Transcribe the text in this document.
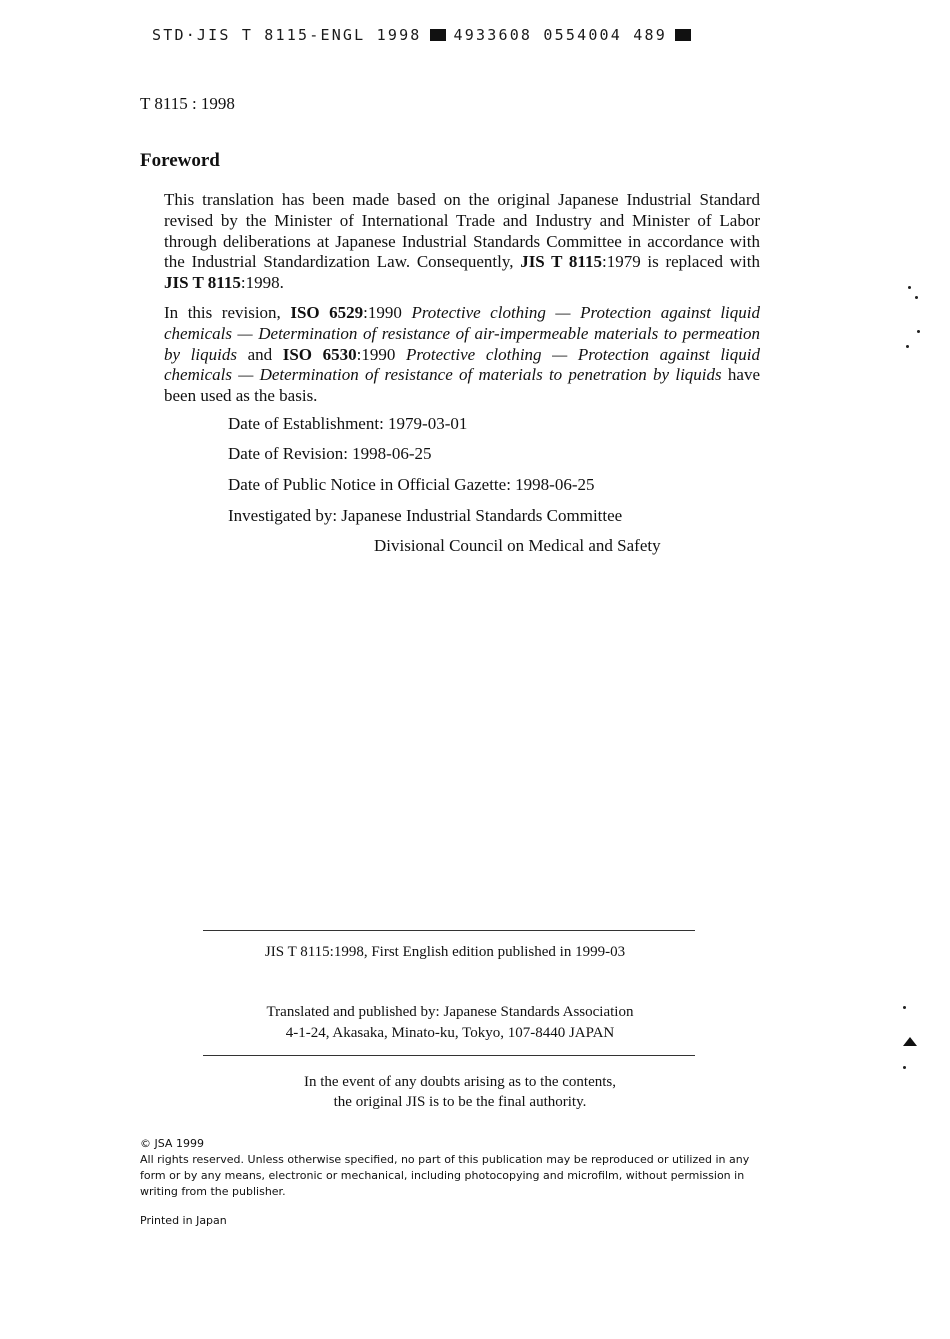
STD·JIS T 8115-ENGL 1998 4933608 0554004 489
T 8115 : 1998
Foreword
This translation has been made based on the original Japanese Industrial Standard revised by the Minister of International Trade and Industry and Minister of Labor through deliberations at Japanese Industrial Standards Committee in accordance with the Industrial Standardization Law. Consequently, JIS T 8115:1979 is replaced with JIS T 8115:1998.
In this revision, ISO 6529:1990 Protective clothing — Protection against liquid chemicals — Determination of resistance of air-impermeable materials to permeation by liquids and ISO 6530:1990 Protective clothing — Protection against liquid chemicals — Determination of resistance of materials to penetration by liquids have been used as the basis.
Date of Establishment: 1979-03-01
Date of Revision: 1998-06-25
Date of Public Notice in Official Gazette: 1998-06-25
Investigated by: Japanese Industrial Standards Committee
Divisional Council on Medical and Safety
JIS T 8115:1998, First English edition published in 1999-03
Translated and published by: Japanese Standards Association
4-1-24, Akasaka, Minato-ku, Tokyo, 107-8440 JAPAN
In the event of any doubts arising as to the contents,
the original JIS is to be the final authority.
© JSA 1999
All rights reserved. Unless otherwise specified, no part of this publication may be reproduced or utilized in any form or by any means, electronic or mechanical, including photocopying and microfilm, without permission in writing from the publisher.
Printed in Japan
